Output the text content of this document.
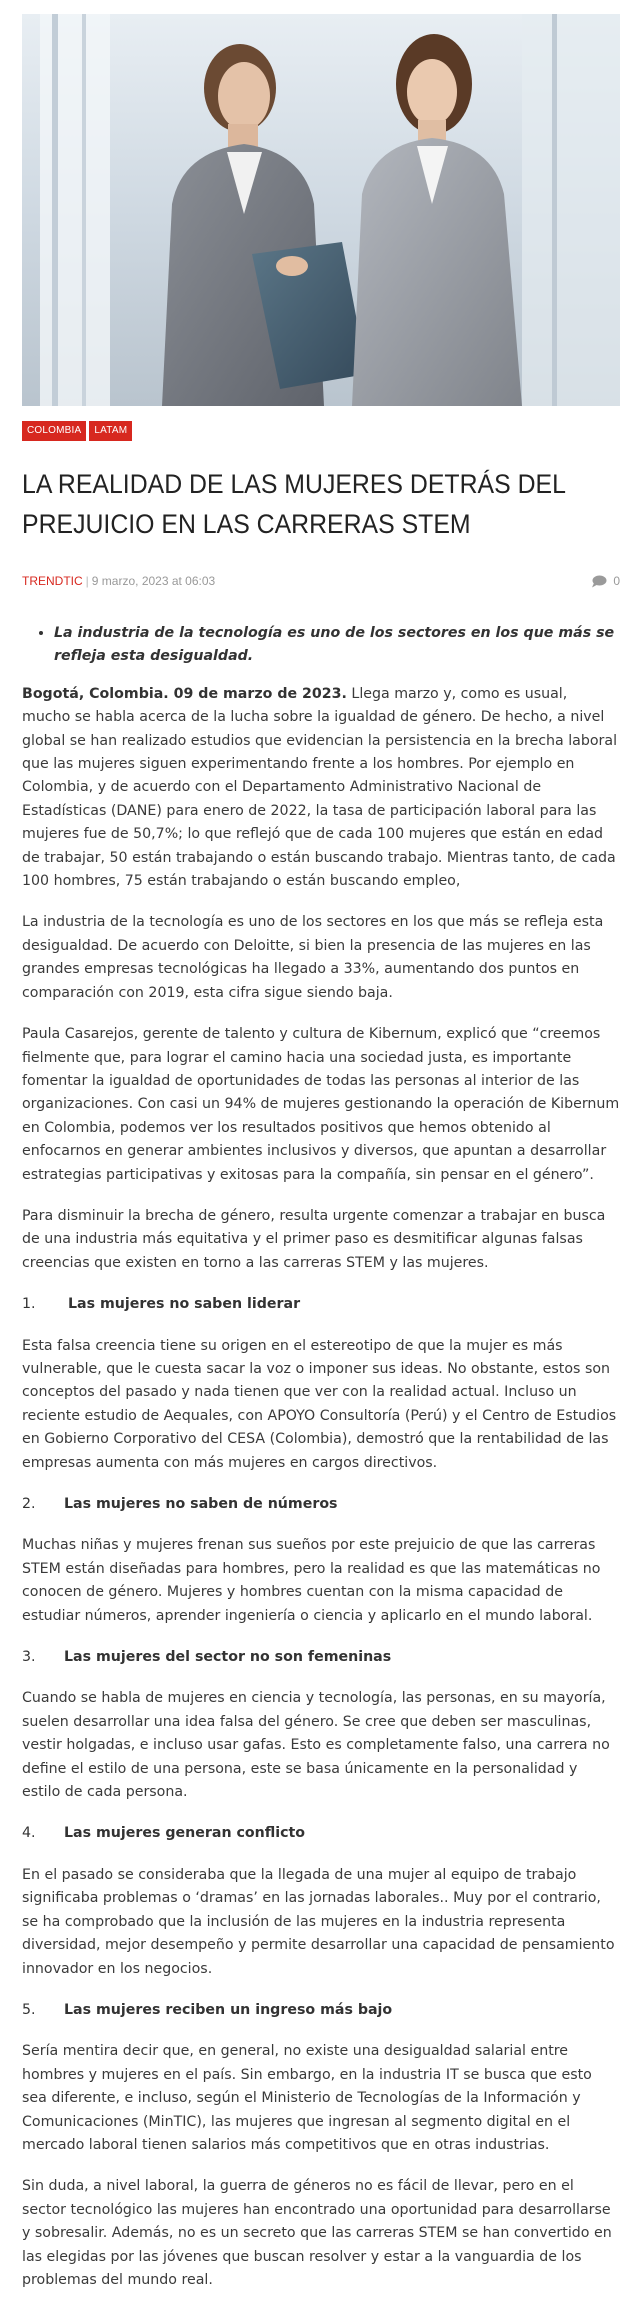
COLOMBIA	LATAM
LA REALIDAD DE LAS MUJERES DETRÁS DEL
PREJUICIO EN LAS CARRERAS STEM
TRENDTIC | 9 marzo, 2023 at 06:03	0
• La industria de la tecnología es uno de los sectores en los que más se refleja esta desigualdad.

Bogotá, Colombia. 09 de marzo de 2023. Llega marzo y, como es usual, mucho se habla acerca de la lucha sobre la igualdad de género. De hecho, a nivel global se han realizado estudios que evidencian la persistencia en la brecha laboral que las mujeres siguen experimentando frente a los hombres. Por ejemplo en Colombia, y de acuerdo con el Departamento Administrativo Nacional de Estadísticas (DANE) para enero de 2022, la tasa de participación laboral para las mujeres fue de 50,7%; lo que reflejó que de cada 100 mujeres que están en edad de trabajar, 50 están trabajando o están buscando trabajo. Mientras tanto, de cada 100 hombres, 75 están trabajando o están buscando empleo,

La industria de la tecnología es uno de los sectores en los que más se refleja esta desigualdad. De acuerdo con Deloitte, si bien la presencia de las mujeres en las grandes empresas tecnológicas ha llegado a 33%, aumentando dos puntos en comparación con 2019, esta cifra sigue siendo baja.

Paula Casarejos, gerente de talento y cultura de Kibernum, explicó que “creemos fielmente que, para lograr el camino hacia una sociedad justa, es importante fomentar la igualdad de oportunidades de todas las personas al interior de las organizaciones. Con casi un 94% de mujeres gestionando la operación de Kibernum en Colombia, podemos ver los resultados positivos que hemos obtenido al enfocarnos en generar ambientes inclusivos y diversos, que apuntan a desarrollar estrategias participativas y exitosas para la compañía, sin pensar en el género”.

Para disminuir la brecha de género, resulta urgente comenzar a trabajar en busca de una industria más equitativa y el primer paso es desmitificar algunas falsas creencias que existen en torno a las carreras STEM y las mujeres.

1.	Las mujeres no saben liderar

Esta falsa creencia tiene su origen en el estereotipo de que la mujer es más vulnerable, que le cuesta sacar la voz o imponer sus ideas. No obstante, estos son conceptos del pasado y nada tienen que ver con la realidad actual. Incluso un reciente estudio de Aequales, con APOYO Consultoría (Perú) y el Centro de Estudios en Gobierno Corporativo del CESA (Colombia), demostró que la rentabilidad de las empresas aumenta con más mujeres en cargos directivos.

2.	Las mujeres no saben de números

Muchas niñas y mujeres frenan sus sueños por este prejuicio de que las carreras STEM están diseñadas para hombres, pero la realidad es que las matemáticas no conocen de género. Mujeres y hombres cuentan con la misma capacidad de estudiar números, aprender ingeniería o ciencia y aplicarlo en el mundo laboral.

3.	Las mujeres del sector no son femeninas

Cuando se habla de mujeres en ciencia y tecnología, las personas, en su mayoría, suelen desarrollar una idea falsa del género. Se cree que deben ser masculinas, vestir holgadas, e incluso usar gafas. Esto es completamente falso, una carrera no define el estilo de una persona, este se basa únicamente en la personalidad y estilo de cada persona.

4.	Las mujeres generan conflicto

En el pasado se consideraba que la llegada de una mujer al equipo de trabajo significaba problemas o ‘dramas’ en las jornadas laborales.. Muy por el contrario, se ha comprobado que la inclusión de las mujeres en la industria representa diversidad, mejor desempeño y permite desarrollar una capacidad de pensamiento innovador en los negocios.

5.	Las mujeres reciben un ingreso más bajo

Sería mentira decir que, en general, no existe una desigualdad salarial entre hombres y mujeres en el país. Sin embargo, en la industria IT se busca que esto sea diferente, e incluso, según el Ministerio de Tecnologías de la Información y Comunicaciones (MinTIC), las mujeres que ingresan al segmento digital en el mercado laboral tienen salarios más competitivos que en otras industrias.

Sin duda, a nivel laboral, la guerra de géneros no es fácil de llevar, pero en el sector tecnológico las mujeres han encontrado una oportunidad para desarrollarse y sobresalir. Además, no es un secreto que las carreras STEM se han convertido en las elegidas por las jóvenes que buscan resolver y estar a la vanguardia de los problemas del mundo real.
